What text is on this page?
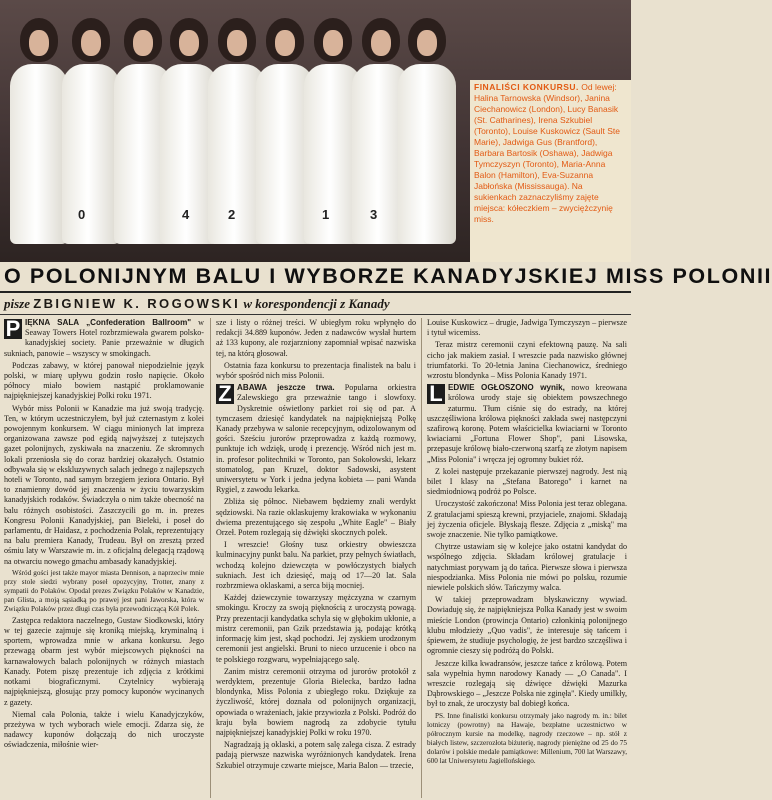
0	4	2	1	3
FINALIŚCI KONKURSU. Od lewej: Halina Tarnowska (Windsor), Janina Ciechanowicz (London), Lucy Banasik (St. Catharines), Irena Szkubiel (Toronto), Louise Kuskowicz (Sault Ste Marie), Jadwiga Gus (Brantford), Barbara Bartosik (Oshawa), Jadwiga Tymczyszyn (Toronto), Maria-Anna Balon (Hamilton), Eva-Suzanna Jabłońska (Mississauga). Na sukienkach zaznaczyliśmy zajęte miejsca: kółeczkiem – zwyciężczynię miss.
O POLONIJNYM BALU I WYBORZE KANADYJSKIEJ MISS POLONII
pisze ZBIGNIEW K. ROGOWSKI w korespondencji z Kanady

P IĘKNA SALA „Confederation Ballroom" w Seaway Towers Hotel rozbrzmiewała gwarem polsko-kanadyjskiej society. Panie przeważnie w długich sukniach, panowie – wszyscy w smokingach.

Podczas zabawy, w której panował niepodzielnie język polski, w miarę upływu godzin rosło napięcie. Około północy miało bowiem nastąpić proklamowanie najpiękniejszej kanadyjskiej Polki roku 1971.

Wybór miss Polonii w Kanadzie ma już swoją tradycję. Ten, w którym uczestniczyłem, był już czternastym z kolei powojennym konkursem. W ciągu minionych lat impreza organizowana zawsze pod egidą najwyższej z tutejszych gazet polonijnych, zyskiwała na znaczeniu. Ze skromnych lokali przeniosła się do coraz bardziej okazałych. Ostatnio odbywała się w ekskluzywnych salach jednego z najlepszych hoteli w Toronto, nad samym brzegiem jeziora Ontario. Był to znamienny dowód jej znaczenia w życiu towarzyskim kanadyjskich rodaków. Świadczyła o nim także obecność na balu różnych osobistości. Zaszczycili go m. in. prezes Kongresu Polonii Kanadyjskiej, pan Bieleki, i poseł do parlamentu, dr Haidasz, z pochodzenia Polak, reprezentujący na balu premiera Kanady, Trudeau. Był on zresztą przed ośmiu laty w Warszawie m. in. z oficjalną delegacją rządową na otwarciu nowego gmachu ambasady kanadyjskiej.

Wśród gości jest także mayor miasta Dennison, a naprzeciw mnie przy stole siedzi wybrany poseł opozycyjny, Trotter, znany z sympatii do Polaków. Opodal prezes Związku Polaków w Kanadzie, pan Glista, a moją sąsiadką po prawej jest pani Jaworska, która w Związku Polaków przez długi czas była przewodniczącą Kół Polek.

Zastępca redaktora naczelnego, Gustaw Siodkowski, który w tej gazecie zajmuje się kroniką miejską, kryminalną i sportem, wprowadza mnie w arkana konkursu. Jego przewagą obarm jest wybór miejscowych piękności na karnawałowych balach polonijnych w różnych miastach Kanady. Potem piszę prezentuje ich zdjęcia z krótkimi notkami biograficznymi. Czytelnicy wybierają najpiękniejszą, głosując przy pomocy kuponów wycinanych z gazety.

Niemal cała Polonia, także i wielu Kanadyjczyków, przeżywa w tych wyborach wiele emocji. Zdarza się, że nadawcy kuponów dołączają do nich uroczyste oświadczenia, miłośnie wier-

sze i listy o różnej treści. W ubiegłym roku wpłynęło do redakcji 34.889 kuponów. Jeden z nadawców wysłał hurtem aż 133 kupony, ale rozjarzniony zapomniał wpisać nazwiska tej, na którą głosował.

Ostatnia faza konkursu to prezentacja finalistek na balu i wybór spośród nich miss Polonii.

Z ABAWA jeszcze trwa. Popularna orkiestra Zalewskiego gra przeważnie tango i slowfoxy. Dyskretnie oświetlony parkiet roi się od par. A tymczasem dziesięć kandydatek na najpiękniejszą Polkę Kanady przebywa w salonie recepcyjnym, odizolowanym od gości. Sześciu jurorów przeprowadza z każdą rozmowy, punktuje ich wdzięk, urodę i prezencję. Wśród nich jest m. in. profesor politechniki w Toronto, pan Sokołowski, lekarz stomatolog, pan Kruzel, doktor Sadowski, asystent uniwersytetu w York i jedna jedyna kobieta — pani Wanda Rygiel, z zawodu lekarka.

Zbliża się północ. Niebawem będziemy znali werdykt sędziowski. Na razie oklaskujemy krakowiaka w wykonaniu dwiema prezentującego się zespołu „White Eagle" – Biały Orzeł. Potem rozlegają się dźwięki skocznych polek.

I wreszcie! Głośny tusz orkiestry obwieszcza kulminacyjny punkt balu. Na parkiet, przy pełnych światłach, wchodzą kolejno dziewczęta w powłóczystych białych sukniach. Jest ich dziesięć, mają od 17—20 lat. Sala rozbrzmiewa oklaskami, a serca biją mocniej.

Każdej dziewczynie towarzyszy mężczyzna w czarnym smokingu. Kroczy za swoją pięknością z uroczystą powagą. Przy prezentacji kandydatka schyla się w głębokim ukłonie, a mistrz ceremonii, pan Gzik przedstawia ją, podając krótką informację kim jest, skąd pochodzi. Jej zyskiem urodzonym ceremonii jest angielski. Bruni to nieco urzucenie i obco na te polskiego rozgwaru, wypełniającego salę.

Zanim mistrz ceremonii otrzyma od jurorów protokół z werdyktem, prezentuje Gloria Bielecka, bardzo ładna blondynka, Miss Polonia z ubiegłego roku. Dziękuje za życzliwość, której doznała od polonijnych organizacji, opowiada o wrażeniach, jakie przywiozła z Polski. Podróż do kraju była bowiem nagrodą za zdobycie tytułu najpiękniejszej kanadyjskiej Polki w roku 1970.

Nagradzają ją oklaski, a potem salę zalega cisza. Z estrady padają pierwsze nazwiska wyróżnionych kandydatek. Irena Szkubiel otrzymuje czwarte miejsce, Maria Balon — trzecie,

Louise Kuskowicz – drugie, Jadwiga Tymczyszyn – pierwsze i tytuł wicemiss.

Teraz mistrz ceremonii czyni efektowną pauzę. Na sali cicho jak makiem zasiał. I wreszcie pada nazwisko głównej triumfatorki. To 20-letnia Janina Ciechanowicz, średniego wzrostu blondynka – Miss Polonia Kanady 1971.

L EDWIE OGŁOSZONO wynik, nowo kreowana królowa urody staje się obiektem powszechnego zaturmu. Tłum ciśnie się do estrady, na której uszczęśliwiona królowa piękności zakłada swej następczyni szafirową koronę. Potem właścicielka kwiaciarni w Toronto kwiaciarni „Fortuna Flower Shop", pani Lisowska, przepasuje królowę biało-czerwoną szarfą ze złotym napisem „Miss Polonia" i wręcza jej ogromny bukiet róż.

Z kolei następuje przekazanie pierwszej nagrody. Jest nią bilet I klasy na „Stefana Batorego" i karnet na siedmiodniową podróż po Polsce.

Uroczystość zakończona! Miss Polonia jest teraz oblegana. Z gratulacjami spieszą krewni, przyjaciele, znajomi. Składają jej życzenia oficjele. Błyskają flesze. Zdjęcia z „miską" ma swoje znaczenie. Nie tylko pamiątkowe.

Chytrze ustawiam się w kolejce jako ostatni kandydat do wspólnego zdjęcia. Składam królowej gratulacje i natychmiast porywam ją do tańca. Pierwsze słowa i pierwsza niespodzianka. Miss Polonia nie mówi po polsku, rozumie niewiele polskich słów. Tańczymy walca.

W takiej przeprowadzam błyskawiczny wywiad. Dowiaduję się, że najpiękniejsza Polka Kanady jest w swoim mieście London (prowincja Ontario) członkinią polonijnego klubu młodzieży „Quo vadis", że interesuje się tańcem i śpiewem, że studiuje psychologię, że jest bardzo szczęśliwa i ogromnie cieszy się podróżą do Polski.

Jeszcze kilka kwadransów, jeszcze tańce z królową. Potem sala wypełnia hymn narodowy Kanady — „O Canada". I wreszcie rozlegają się dźwięce dźwięki Mazurka Dąbrowskiego – „Jeszcze Polska nie zginęła". Kiedy umilkły, był to znak, że uroczysty bal dobiegł końca.

PS. Inne finalistki konkursu otrzymały jako nagrody m. in.: bilet lotniczy (powrotny) na Hawaje, bezpłatne uczestnictwo w półrocznym kursie na modelkę, nagrody rzeczowe – np. stół z białych listew, szczerozłota biżuterię, nagrody pieniężne od 25 do 75 dolarów i polskie medale pamiątkowe: Millenium, 700 lat Warszawy, 600 lat Uniwersytetu Jagiellońskiego.
